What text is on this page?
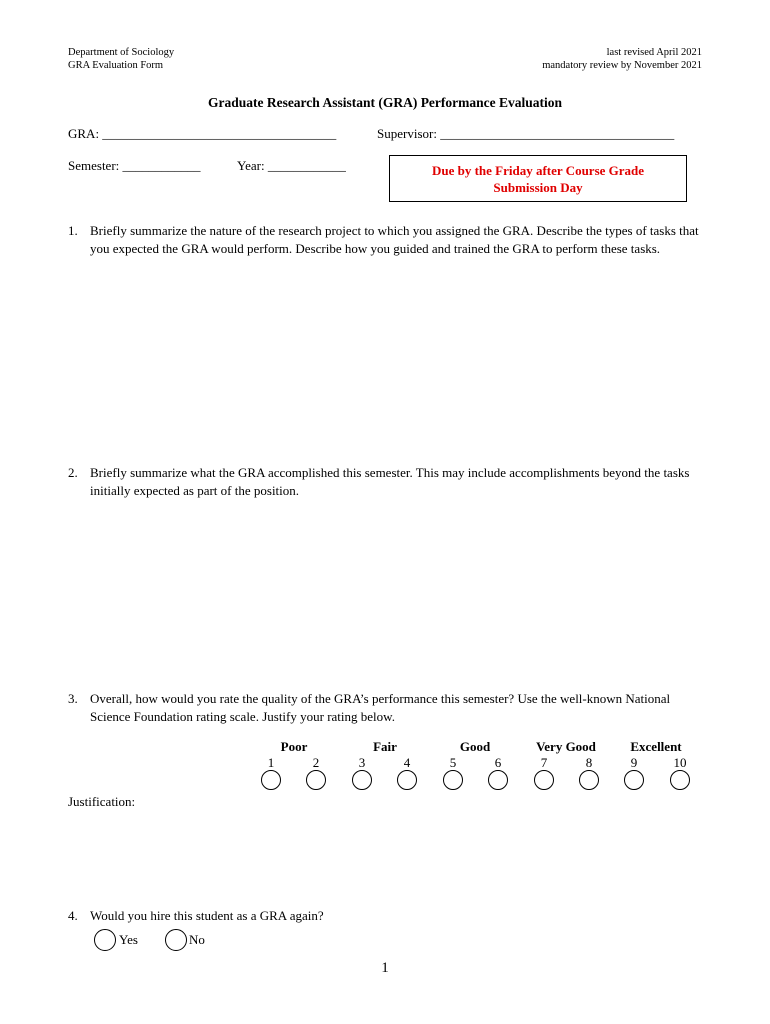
Department of Sociology
GRA Evaluation Form
last revised April 2021
mandatory review by November 2021
Graduate Research Assistant (GRA) Performance Evaluation
GRA: ____________________________________	Supervisor: ____________________________________
Semester: ____________	Year: ____________	Due by the Friday after Course Grade
Submission Day
1. Briefly summarize the nature of the research project to which you assigned the GRA. Describe the types of tasks that you expected the GRA would perform. Describe how you guided and trained the GRA to perform these tasks.
2. Briefly summarize what the GRA accomplished this semester. This may include accomplishments beyond the tasks initially expected as part of the position.
3. Overall, how would you rate the quality of the GRA’s performance this semester? Use the well-known National Science Foundation rating scale. Justify your rating below.
Poor	Fair	Good	Very Good	Excellent
1	2	3	4	5	6	7	8	9	10
Justification:
4. Would you hire this student as a GRA again?
Yes	No
1
